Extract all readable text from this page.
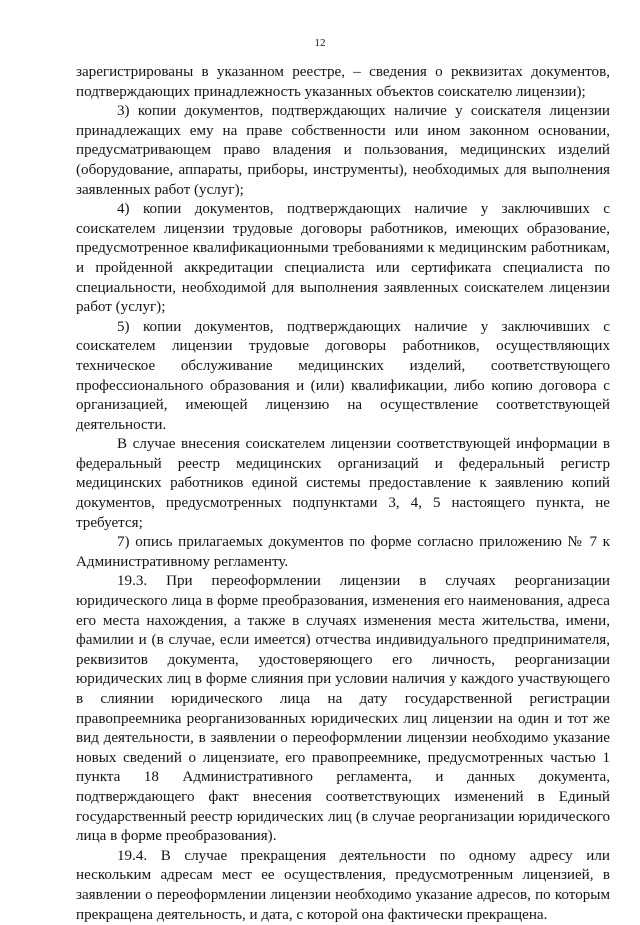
12

зарегистрированы в указанном реестре, – сведения о реквизитах документов, подтверждающих принадлежность указанных объектов соискателю лицензии);

3) копии документов, подтверждающих наличие у соискателя лицензии принадлежащих ему на праве собственности или ином законном основании, предусматривающем право владения и пользования, медицинских изделий (оборудование, аппараты, приборы, инструменты), необходимых для выполнения заявленных работ (услуг);

4) копии документов, подтверждающих наличие у заключивших с соискателем лицензии трудовые договоры работников, имеющих образование, предусмотренное квалификационными требованиями к медицинским работникам, и пройденной аккредитации специалиста или сертификата специалиста по специальности, необходимой для выполнения заявленных соискателем лицензии работ (услуг);

5) копии документов, подтверждающих наличие у заключивших с соискателем лицензии трудовые договоры работников, осуществляющих техническое обслуживание медицинских изделий, соответствующего профессионального образования и (или) квалификации, либо копию договора с организацией, имеющей лицензию на осуществление соответствующей деятельности.

В случае внесения соискателем лицензии соответствующей информации в федеральный реестр медицинских организаций и федеральный регистр медицинских работников единой системы предоставление к заявлению копий документов, предусмотренных подпунктами 3, 4, 5 настоящего пункта, не требуется;

7) опись прилагаемых документов по форме согласно приложению № 7 к Административному регламенту.

19.3. При переоформлении лицензии в случаях реорганизации юридического лица в форме преобразования, изменения его наименования, адреса его места нахождения, а также в случаях изменения места жительства, имени, фамилии и (в случае, если имеется) отчества индивидуального предпринимателя, реквизитов документа, удостоверяющего его личность, реорганизации юридических лиц в форме слияния при условии наличия у каждого участвующего в слиянии юридического лица на дату государственной регистрации правопреемника реорганизованных юридических лиц лицензии на один и тот же вид деятельности, в заявлении о переоформлении лицензии необходимо указание новых сведений о лицензиате, его правопреемнике, предусмотренных частью 1 пункта 18 Административного регламента, и данных документа, подтверждающего факт внесения соответствующих изменений в Единый государственный реестр юридических лиц (в случае реорганизации юридического лица в форме преобразования).

19.4. В случае прекращения деятельности по одному адресу или нескольким адресам мест ее осуществления, предусмотренным лицензией, в заявлении о переоформлении лицензии необходимо указание адресов, по которым прекращена деятельность, и дата, с которой она фактически прекращена.
